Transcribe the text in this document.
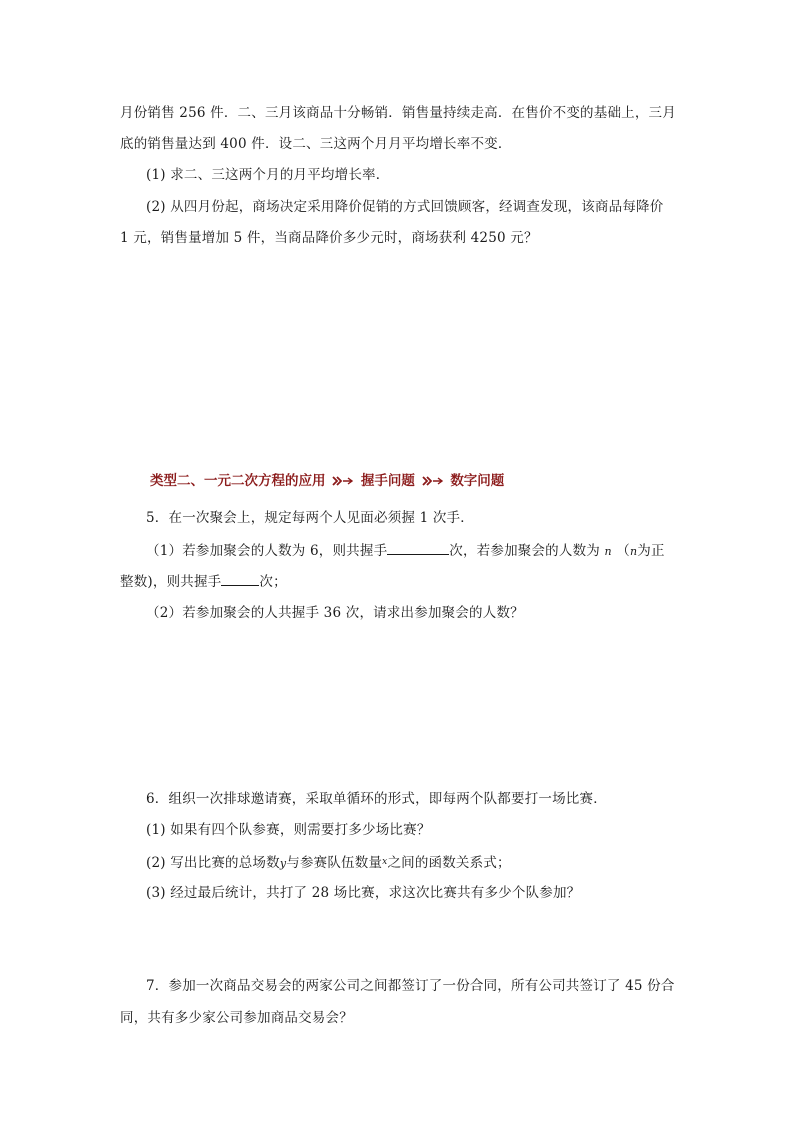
月份销售 256 件．二、三月该商品十分畅销．销售量持续走高．在售价不变的基础上，三月
底的销售量达到 400 件．设二、三这两个月月平均增长率不变．
(1) 求二、三这两个月的月平均增长率．
(2) 从四月份起，商场决定采用降价促销的方式回馈顾客，经调查发现，该商品每降价
1 元，销售量增加 5 件，当商品降价多少元时，商场获利 4250 元？
类型二、一元二次方程的应用	握手问题	数字问题
5．在一次聚会上，规定每两个人见面必须握 1 次手．
（1）若参加聚会的人数为 6，则共握手	次，若参加聚会的人数为 n （n为正
整数)，则共握手	次；
（2）若参加聚会的人共握手 36 次，请求出参加聚会的人数？
6．组织一次排球邀请赛，采取单循环的形式，即每两个队都要打一场比赛．
(1) 如果有四个队参赛，则需要打多少场比赛？
(2) 写出比赛的总场数y与参赛队伍数量$^x$之间的函数关系式；
(3) 经过最后统计，共打了 28 场比赛，求这次比赛共有多少个队参加？
7．参加一次商品交易会的两家公司之间都签订了一份合同，所有公司共签订了 45 份合
同，共有多少家公司参加商品交易会？
